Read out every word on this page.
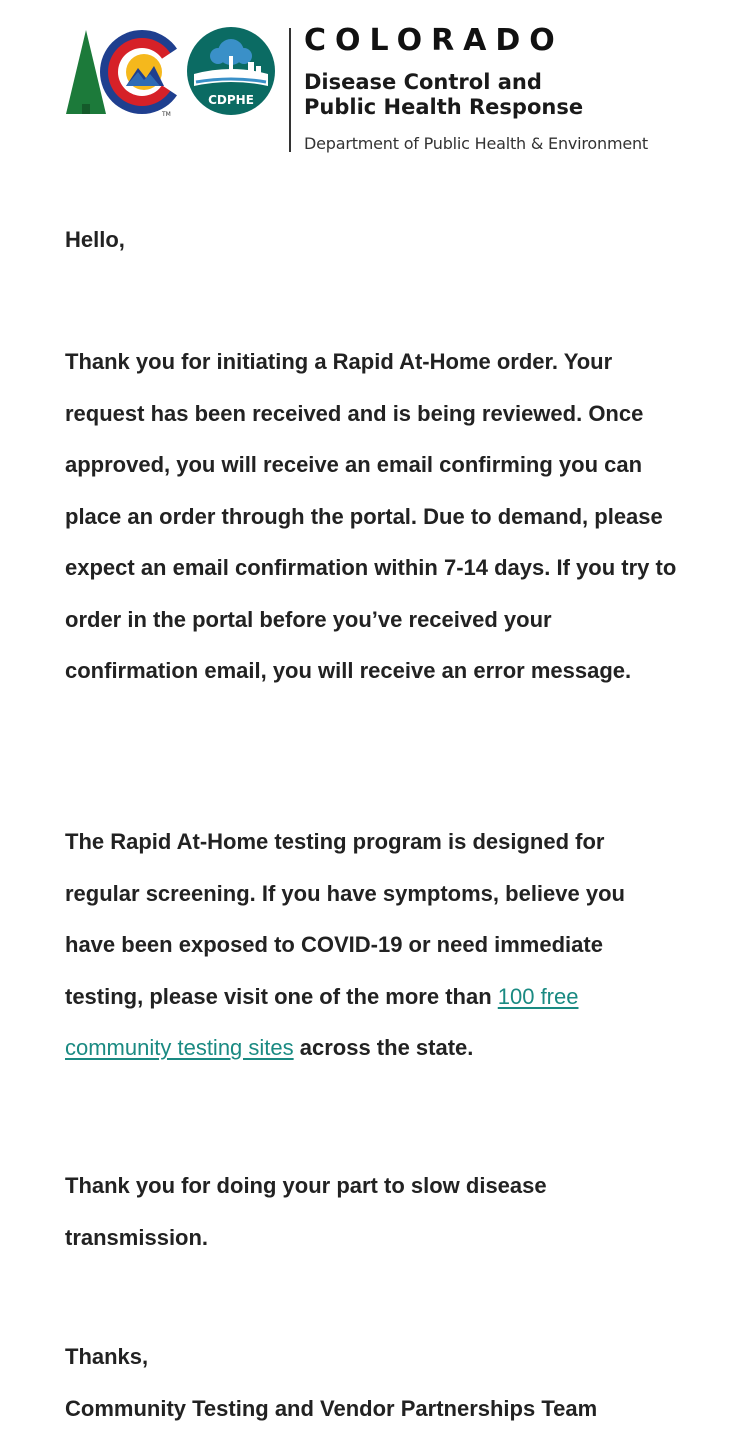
TM
CDPHE
COLORADO
Disease Control and
Public Health Response
Department of Public Health & Environment

Hello,

Thank you for initiating a Rapid At-Home order. Your request has been received and is being reviewed. Once approved, you will receive an email confirming you can place an order through the portal. Due to demand, please expect an email confirmation within 7-14 days. If you try to order in the portal before you’ve received your confirmation email, you will receive an error message.

The Rapid At-Home testing program is designed for regular screening. If you have symptoms, believe you have been exposed to COVID-19 or need immediate testing, please visit one of the more than 100 free community testing sites across the state.

Thank you for doing your part to slow disease transmission.

Thanks,

Community Testing and Vendor Partnerships Team
